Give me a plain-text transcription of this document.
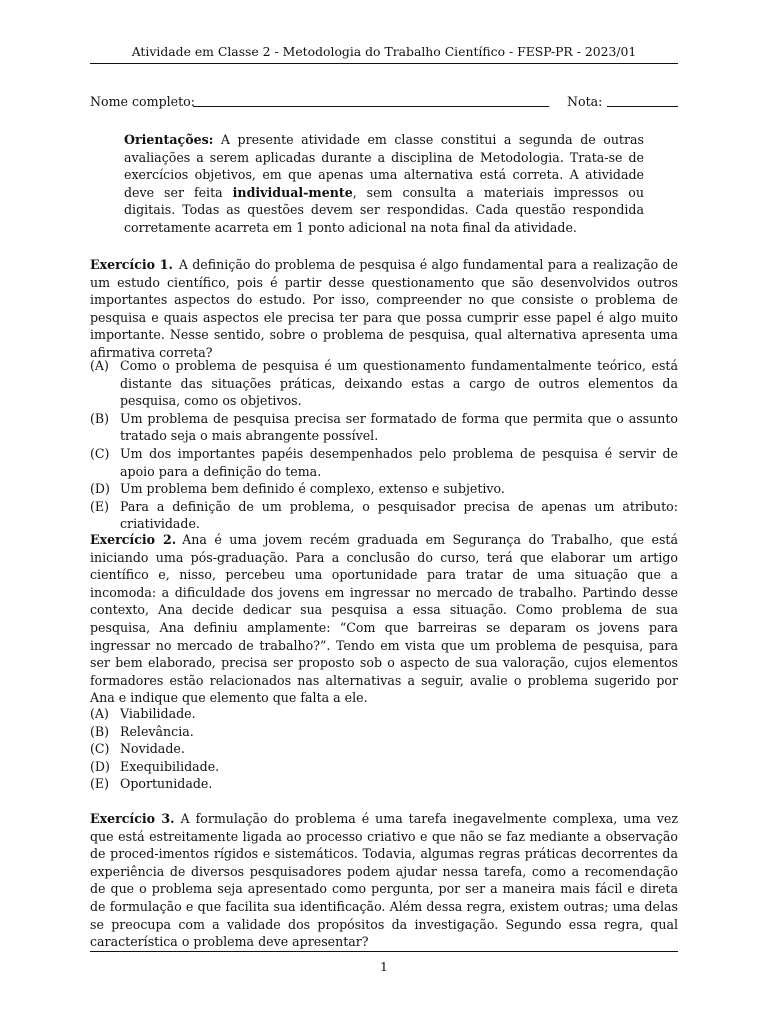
Atividade em Classe 2 - Metodologia do Trabalho Científico - FESP-PR - 2023/01
Nome completo:	Nota:
Orientações: A presente atividade em classe constitui a segunda de outras avaliações a serem aplicadas durante a disciplina de Metodologia. Trata-se de exercícios objetivos, em que apenas uma alternativa está correta. A atividade deve ser feita individual-mente, sem consulta a materiais impressos ou digitais. Todas as questões devem ser respondidas. Cada questão respondida corretamente acarreta em 1 ponto adicional na nota final da atividade.
Exercício 1. A definição do problema de pesquisa é algo fundamental para a realização de um estudo científico, pois é partir desse questionamento que são desenvolvidos outros importantes aspectos do estudo. Por isso, compreender no que consiste o problema de pesquisa e quais aspectos ele precisa ter para que possa cumprir esse papel é algo muito importante. Nesse sentido, sobre o problema de pesquisa, qual alternativa apresenta uma afirmativa correta?
(A) Como o problema de pesquisa é um questionamento fundamentalmente teórico, está distante das situações práticas, deixando estas a cargo de outros elementos da pesquisa, como os objetivos.
(B) Um problema de pesquisa precisa ser formatado de forma que permita que o assunto tratado seja o mais abrangente possível.
(C) Um dos importantes papéis desempenhados pelo problema de pesquisa é servir de apoio para a definição do tema.
(D) Um problema bem definido é complexo, extenso e subjetivo.
(E) Para a definição de um problema, o pesquisador precisa de apenas um atributo: criatividade.
Exercício 2. Ana é uma jovem recém graduada em Segurança do Trabalho, que está iniciando uma pós-graduação. Para a conclusão do curso, terá que elaborar um artigo científico e, nisso, percebeu uma oportunidade para tratar de uma situação que a incomoda: a dificuldade dos jovens em ingressar no mercado de trabalho. Partindo desse contexto, Ana decide dedicar sua pesquisa a essa situação. Como problema de sua pesquisa, Ana definiu amplamente: “Com que barreiras se deparam os jovens para ingressar no mercado de trabalho?”. Tendo em vista que um problema de pesquisa, para ser bem elaborado, precisa ser proposto sob o aspecto de sua valoração, cujos elementos formadores estão relacionados nas alternativas a seguir, avalie o problema sugerido por Ana e indique que elemento que falta a ele.
(A) Viabilidade.
(B) Relevância.
(C) Novidade.
(D) Exequibilidade.
(E) Oportunidade.
Exercício 3. A formulação do problema é uma tarefa inegavelmente complexa, uma vez que está estreitamente ligada ao processo criativo e que não se faz mediante a observação de proced-imentos rígidos e sistemáticos. Todavia, algumas regras práticas decorrentes da experiência de diversos pesquisadores podem ajudar nessa tarefa, como a recomendação de que o problema seja apresentado como pergunta, por ser a maneira mais fácil e direta de formulação e que facilita sua identificação. Além dessa regra, existem outras; uma delas se preocupa com a validade dos propósitos da investigação. Segundo essa regra, qual característica o problema deve apresentar?
1
